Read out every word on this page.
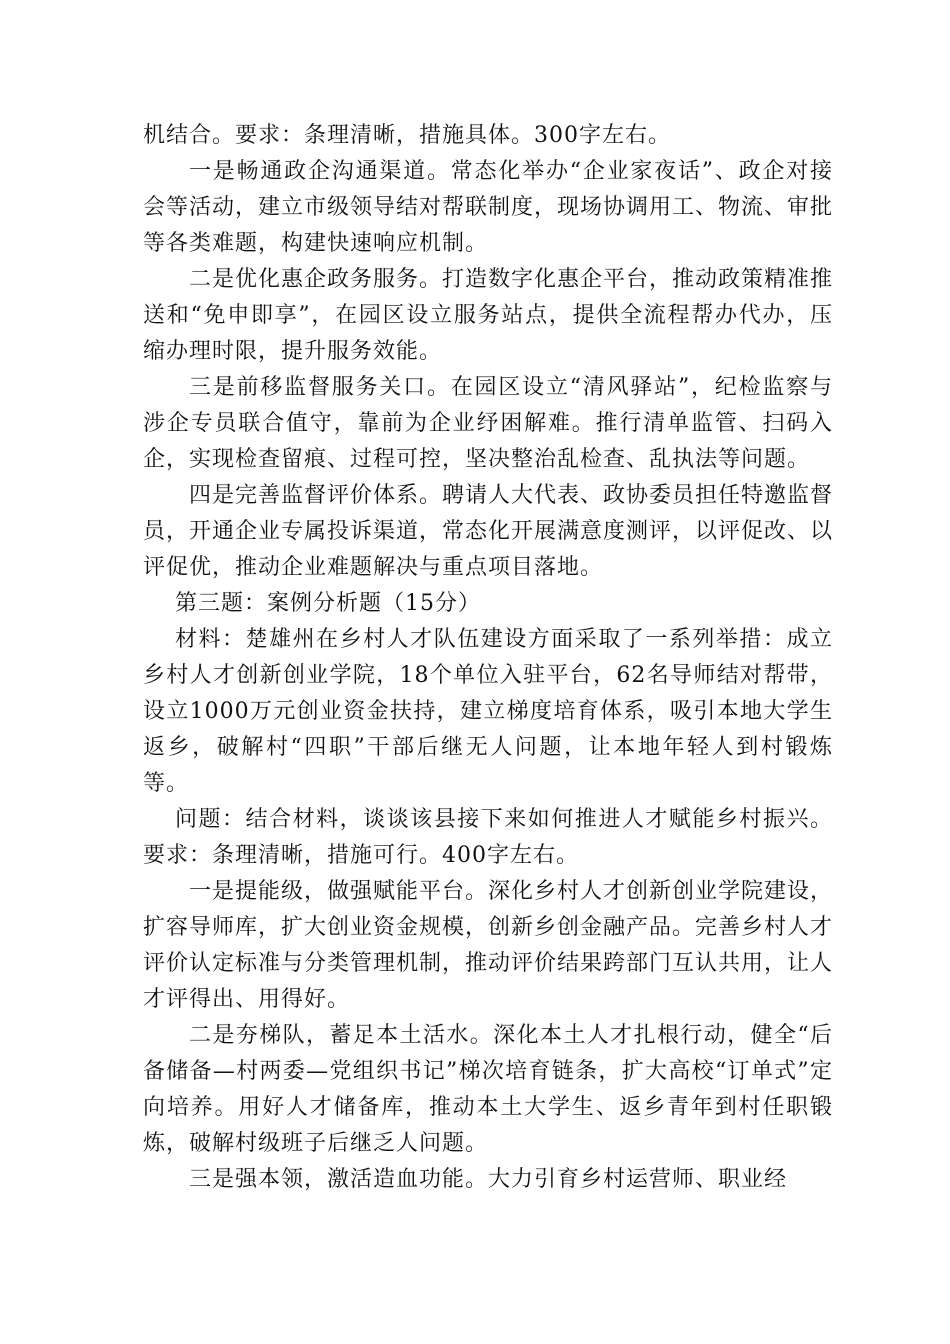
机结合。要求：条理清晰，措施具体。300字左右。

一是畅通政企沟通渠道。常态化举办“企业家夜话”、政企对接会等活动，建立市级领导结对帮联制度，现场协调用工、物流、审批等各类难题，构建快速响应机制。

二是优化惠企政务服务。打造数字化惠企平台，推动政策精准推送和“免申即享”，在园区设立服务站点，提供全流程帮办代办，压缩办理时限，提升服务效能。

三是前移监督服务关口。在园区设立“清风驿站”，纪检监察与涉企专员联合值守，靠前为企业纾困解难。推行清单监管、扫码入企，实现检查留痕、过程可控，坚决整治乱检查、乱执法等问题。

四是完善监督评价体系。聘请人大代表、政协委员担任特邀监督员，开通企业专属投诉渠道，常态化开展满意度测评，以评促改、以评促优，推动企业难题解决与重点项目落地。

第三题：案例分析题（15分）

材料：楚雄州在乡村人才队伍建设方面采取了一系列举措：成立乡村人才创新创业学院，18个单位入驻平台，62名导师结对帮带，设立1000万元创业资金扶持，建立梯度培育体系，吸引本地大学生返乡，破解村“四职”干部后继无人问题，让本地年轻人到村锻炼等。

问题：结合材料，谈谈该县接下来如何推进人才赋能乡村振兴。要求：条理清晰，措施可行。400字左右。

一是提能级，做强赋能平台。深化乡村人才创新创业学院建设，扩容导师库，扩大创业资金规模，创新乡创金融产品。完善乡村人才评价认定标准与分类管理机制，推动评价结果跨部门互认共用，让人才评得出、用得好。

二是夯梯队，蓄足本土活水。深化本土人才扎根行动，健全“后备储备—村两委—党组织书记”梯次培育链条，扩大高校“订单式”定向培养。用好人才储备库，推动本土大学生、返乡青年到村任职锻炼，破解村级班子后继乏人问题。

三是强本领，激活造血功能。大力引育乡村运营师、职业经
